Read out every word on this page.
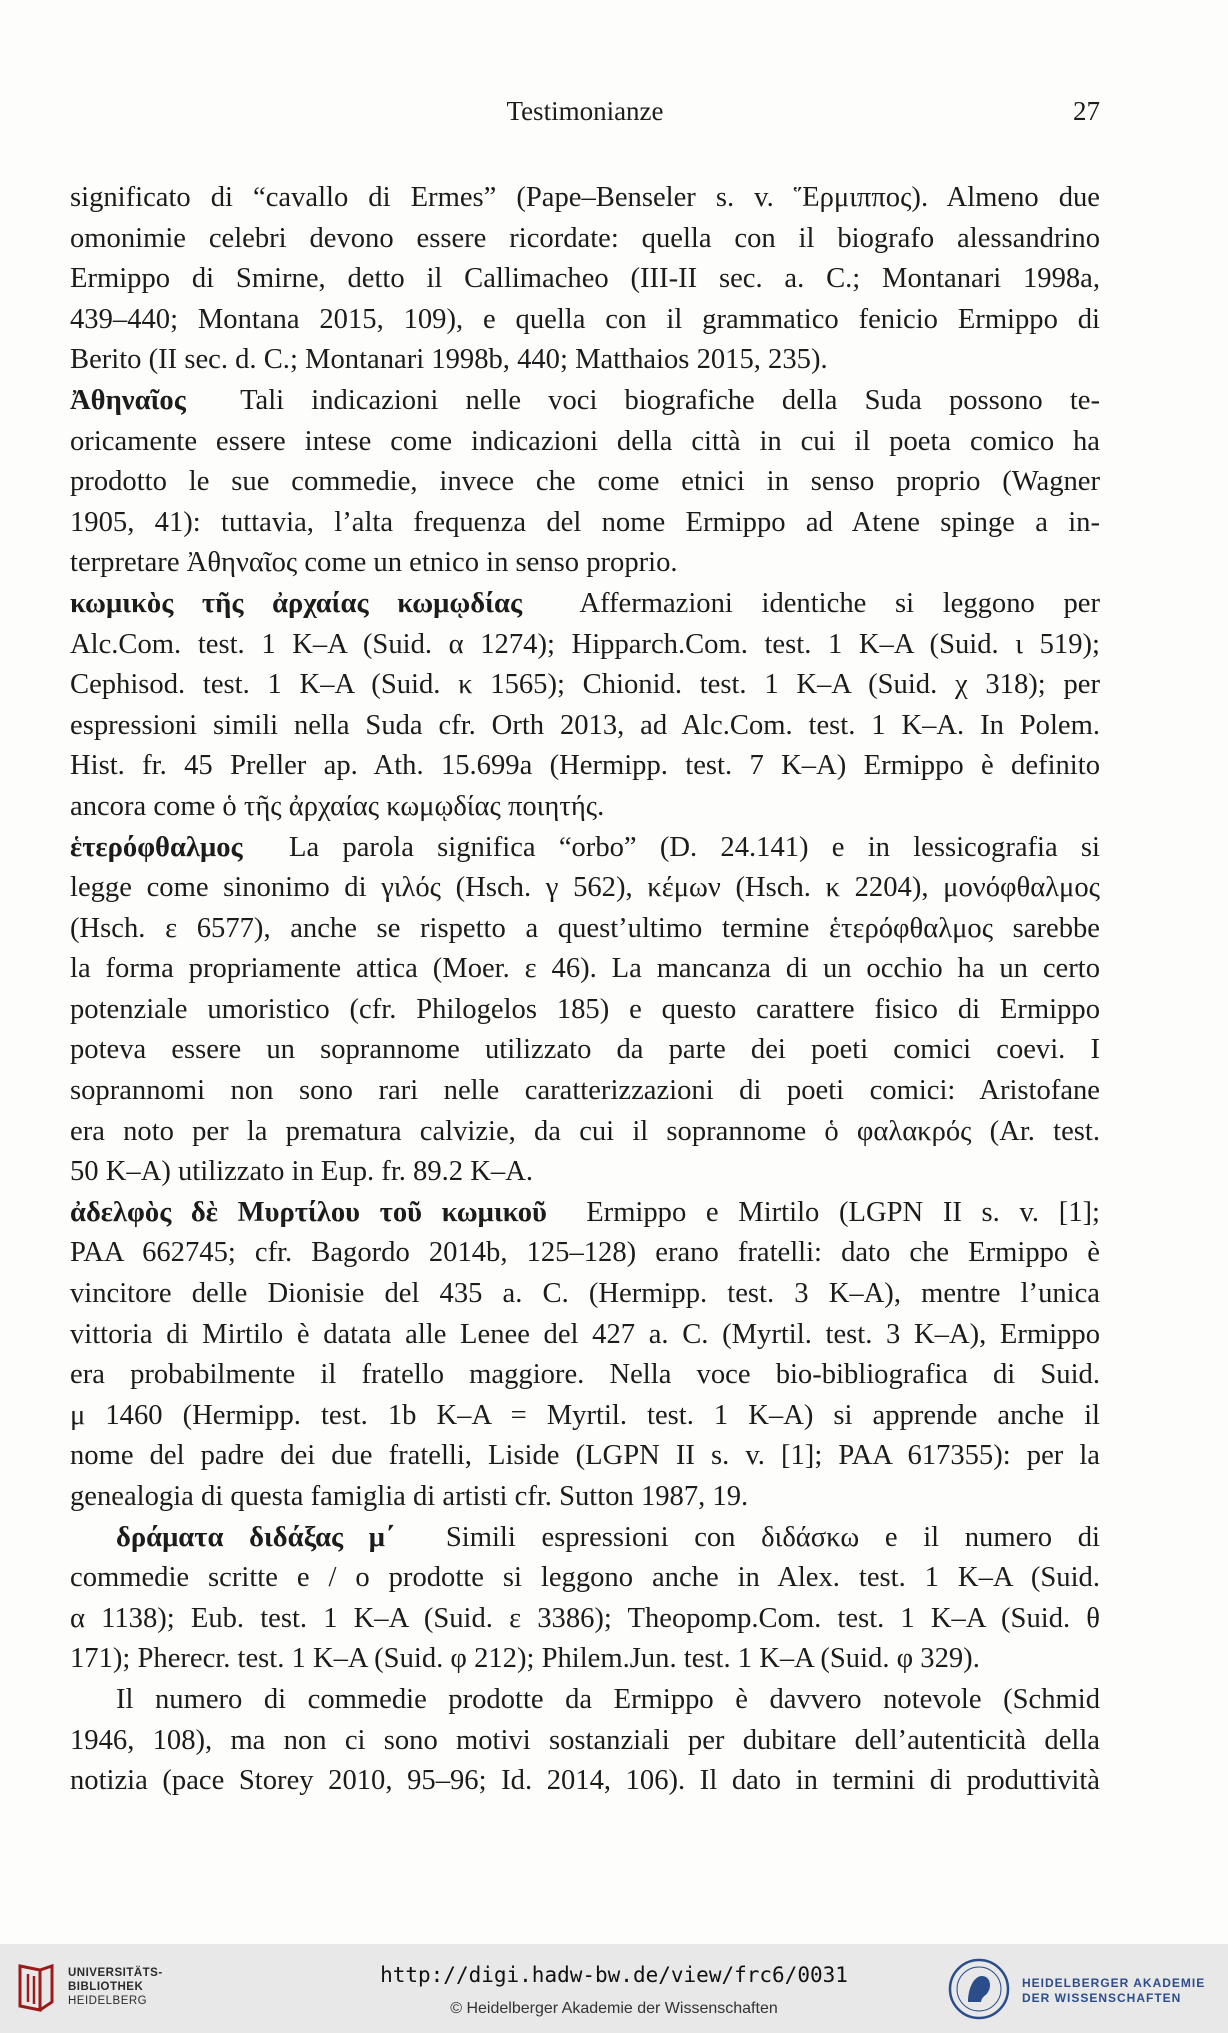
Testimonianze	27
significato di “cavallo di Ermes” (Pape–Benseler s. v. Ἕρμιππος). Almeno due
omonimie celebri devono essere ricordate: quella con il biografo alessandrino
Ermippo di Smirne, detto il Callimacheo (III-II sec. a. C.; Montanari 1998a,
439–440; Montana 2015, 109), e quella con il grammatico fenicio Ermippo di
Berito (II sec. d. C.; Montanari 1998b, 440; Matthaios 2015, 235).
Ἀθηναῖος Tali indicazioni nelle voci biografiche della Suda possono te-
oricamente essere intese come indicazioni della città in cui il poeta comico ha
prodotto le sue commedie, invece che come etnici in senso proprio (Wagner
1905, 41): tuttavia, l’alta frequenza del nome Ermippo ad Atene spinge a in-
terpretare Ἀθηναῖος come un etnico in senso proprio.
κωμικὸς τῆς ἀρχαίας κωμῳδίας Affermazioni identiche si leggono per
Alc.Com. test. 1 K–A (Suid. α 1274); Hipparch.Com. test. 1 K–A (Suid. ι 519);
Cephisod. test. 1 K–A (Suid. κ 1565); Chionid. test. 1 K–A (Suid. χ 318); per
espressioni simili nella Suda cfr. Orth 2013, ad Alc.Com. test. 1 K–A. In Polem.
Hist. fr. 45 Preller ap. Ath. 15.699a (Hermipp. test. 7 K–A) Ermippo è definito
ancora come ὁ τῆς ἀρχαίας κωμῳδίας ποιητής.
ἑτερόφθαλμος La parola significa “orbo” (D. 24.141) e in lessicografia si
legge come sinonimo di γιλός (Hsch. γ 562), κέμων (Hsch. κ 2204), μονόφθαλμος
(Hsch. ε 6577), anche se rispetto a quest’ultimo termine ἑτερόφθαλμος sarebbe
la forma propriamente attica (Moer. ε 46). La mancanza di un occhio ha un certo
potenziale umoristico (cfr. Philogelos 185) e questo carattere fisico di Ermippo
poteva essere un soprannome utilizzato da parte dei poeti comici coevi. I
soprannomi non sono rari nelle caratterizzazioni di poeti comici: Aristofane
era noto per la prematura calvizie, da cui il soprannome ὁ φαλακρός (Ar. test.
50 K–A) utilizzato in Eup. fr. 89.2 K–A.
ἀδελφὸς δὲ Μυρτίλου τοῦ κωμικοῦ Ermippo e Mirtilo (LGPN II s. v. [1];
PAA 662745; cfr. Bagordo 2014b, 125–128) erano fratelli: dato che Ermippo è
vincitore delle Dionisie del 435 a. C. (Hermipp. test. 3 K–A), mentre l’unica
vittoria di Mirtilo è datata alle Lenee del 427 a. C. (Myrtil. test. 3 K–A), Ermippo
era probabilmente il fratello maggiore. Nella voce bio-bibliografica di Suid.
μ 1460 (Hermipp. test. 1b K–A = Myrtil. test. 1 K–A) si apprende anche il
nome del padre dei due fratelli, Liside (LGPN II s. v. [1]; PAA 617355): per la
genealogia di questa famiglia di artisti cfr. Sutton 1987, 19.
δράματα διδάξας μ΄ Simili espressioni con διδάσκω e il numero di
commedie scritte e / o prodotte si leggono anche in Alex. test. 1 K–A (Suid.
α 1138); Eub. test. 1 K–A (Suid. ε 3386); Theopomp.Com. test. 1 K–A (Suid. θ
171); Pherecr. test. 1 K–A (Suid. φ 212); Philem.Jun. test. 1 K–A (Suid. φ 329).
Il numero di commedie prodotte da Ermippo è davvero notevole (Schmid
1946, 108), ma non ci sono motivi sostanziali per dubitare dell’autenticità della
notizia (pace Storey 2010, 95–96; Id. 2014, 106). Il dato in termini di produttività
UNIVERSITÄTS-
BIBLIOTHEK
HEIDELBERG
http://digi.hadw-bw.de/view/frc6/0031
© Heidelberger Akademie der Wissenschaften
HEIDELBERGER AKADEMIE
DER WISSENSCHAFTEN
